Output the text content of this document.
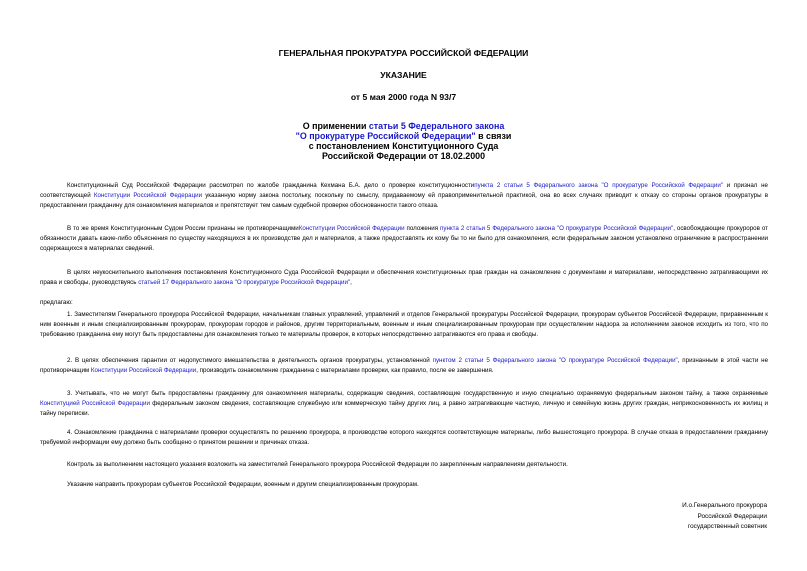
ГЕНЕРАЛЬНАЯ ПРОКУРАТУРА РОССИЙСКОЙ ФЕДЕРАЦИИ
УКАЗАНИЕ
от 5 мая 2000 года N 93/7
О применении статьи 5 Федерального закона
"О прокуратуре Российской Федерации" в связи
с постановлением Конституционного Суда
Российской Федерации от 18.02.2000
Конституционный Суд Российской Федерации рассмотрел по жалобе гражданина Кехмана Б.А. дело о проверке конституционностипункта 2 статьи 5 Федерального закона "О прокуратуре Российской Федерации" и признал не соответствующей Конституции Российской Федерации указанную норму закона постольку, поскольку по смыслу, придаваемому ей правоприменительной практикой, она во всех случаях приводит к отказу со стороны органов прокуратуры в предоставлении гражданину для ознакомления материалов и препятствует тем самым судебной проверке обоснованности такого отказа.
В то же время Конституционным Судом России признаны не противоречащимиКонституции Российской Федерации положения пункта 2 статьи 5 Федерального закона "О прокуратуре Российской Федерации", освобождающие прокуроров от обязанности давать какие-либо объяснения по существу находящихся в их производстве дел и материалов, а также предоставлять их кому бы то ни было для ознакомления, если федеральным законом установлено ограничение в распространении содержащихся в материалах сведений.
В целях неукоснительного выполнения постановления Конституционного Суда Российской Федерации и обеспечения конституционных прав граждан на ознакомление с документами и материалами, непосредственно затрагивающими их права и свободы, руководствуясь статьей 17 Федерального закона "О прокуратуре Российской Федерации",
предлагаю:
1. Заместителям Генерального прокурора Российской Федерации, начальникам главных управлений, управлений и отделов Генеральной прокуратуры Российской Федерации, прокурорам субъектов Российской Федерации, приравненным к ним военным и иным специализированным прокурорам, прокурорам городов и районов, другим территориальным, военным и иным специализированным прокурорам при осуществлении надзора за исполнением законов исходить из того, что по требованию гражданина ему могут быть предоставлены для ознакомления только те материалы проверок, в которых непосредственно затрагиваются его права и свободы.
2. В целях обеспечения гарантии от недопустимого вмешательства в деятельность органов прокуратуры, установленной пунктом 2 статьи 5 Федерального закона "О прокуратуре Российской Федерации", признанным в этой части не противоречащим Конституции Российской Федерации, производить ознакомление гражданина с материалами проверки, как правило, после ее завершения.
3. Учитывать, что не могут быть предоставлены гражданину для ознакомления материалы, содержащие сведения, составляющие государственную и иную специально охраняемую федеральным законом тайну, а также охраняемые Конституцией Российской Федерации федеральным законом сведения, составляющие служебную или коммерческую тайну других лиц, а равно затрагивающие частную, личную и семейную жизнь других граждан, неприкосновенность их жилищ и тайну переписки.
4. Ознакомление гражданина с материалами проверки осуществлять по решению прокурора, в производстве которого находятся соответствующие материалы, либо вышестоящего прокурора. В случае отказа в предоставлении гражданину требуемой информации ему должно быть сообщено о принятом решении и причинах отказа.
Контроль за выполнением настоящего указания возложить на заместителей Генерального прокурора Российской Федерации по закрепленным направлениям деятельности.
Указание направить прокурорам субъектов Российской Федерации, военным и другим специализированным прокурорам.
И.о.Генерального прокурора
Российской Федерации
государственный советник
